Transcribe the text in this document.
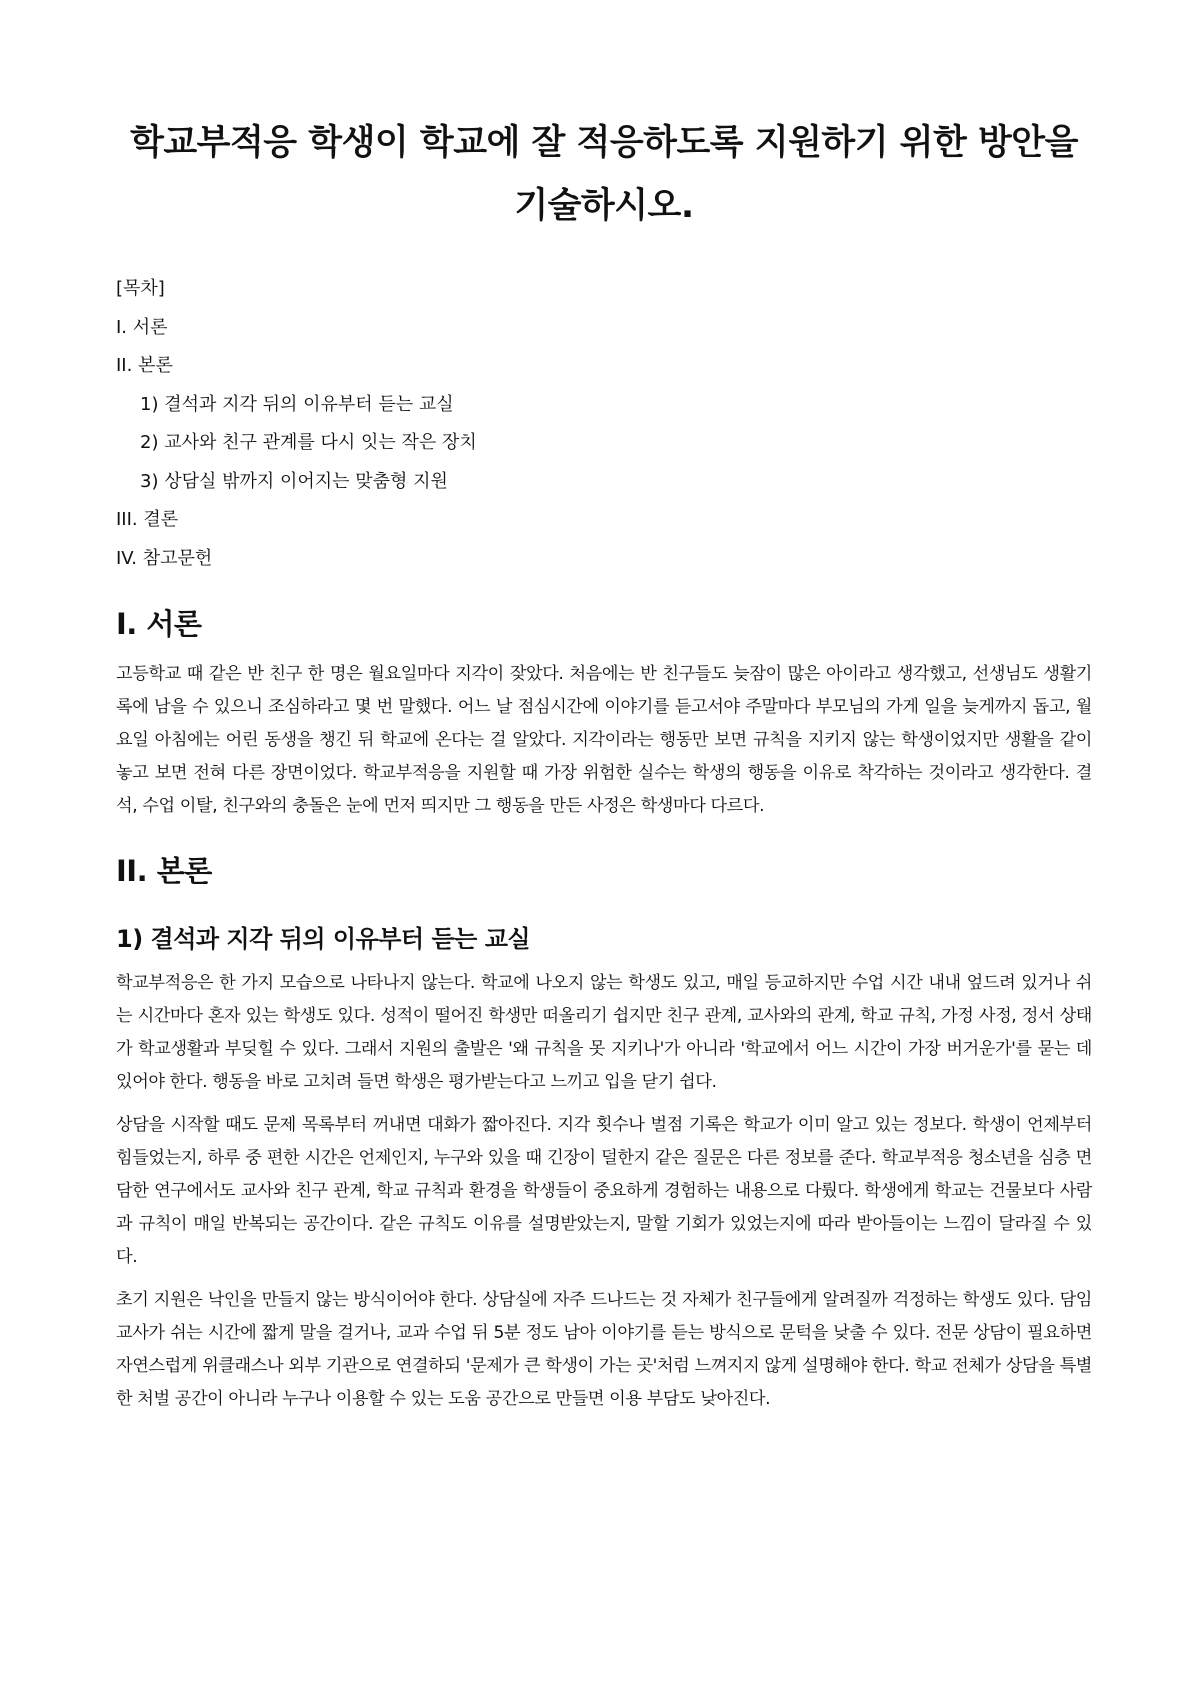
학교부적응 학생이 학교에 잘 적응하도록 지원하기 위한 방안을 기술하시오.
[목차]
I. 서론
II. 본론
1) 결석과 지각 뒤의 이유부터 듣는 교실
2) 교사와 친구 관계를 다시 잇는 작은 장치
3) 상담실 밖까지 이어지는 맞춤형 지원
III. 결론
IV. 참고문헌
I. 서론

고등학교 때 같은 반 친구 한 명은 월요일마다 지각이 잦았다. 처음에는 반 친구들도 늦잠이 많은 아이라고 생각했고, 선생님도 생활기록에 남을 수 있으니 조심하라고 몇 번 말했다. 어느 날 점심시간에 이야기를 듣고서야 주말마다 부모님의 가게 일을 늦게까지 돕고, 월요일 아침에는 어린 동생을 챙긴 뒤 학교에 온다는 걸 알았다. 지각이라는 행동만 보면 규칙을 지키지 않는 학생이었지만 생활을 같이 놓고 보면 전혀 다른 장면이었다. 학교부적응을 지원할 때 가장 위험한 실수는 학생의 행동을 이유로 착각하는 것이라고 생각한다. 결석, 수업 이탈, 친구와의 충돌은 눈에 먼저 띄지만 그 행동을 만든 사정은 학생마다 다르다.

II. 본론
1) 결석과 지각 뒤의 이유부터 듣는 교실

학교부적응은 한 가지 모습으로 나타나지 않는다. 학교에 나오지 않는 학생도 있고, 매일 등교하지만 수업 시간 내내 엎드려 있거나 쉬는 시간마다 혼자 있는 학생도 있다. 성적이 떨어진 학생만 떠올리기 쉽지만 친구 관계, 교사와의 관계, 학교 규칙, 가정 사정, 정서 상태가 학교생활과 부딪힐 수 있다. 그래서 지원의 출발은 '왜 규칙을 못 지키나'가 아니라 '학교에서 어느 시간이 가장 버거운가'를 묻는 데 있어야 한다. 행동을 바로 고치려 들면 학생은 평가받는다고 느끼고 입을 닫기 쉽다.

상담을 시작할 때도 문제 목록부터 꺼내면 대화가 짧아진다. 지각 횟수나 벌점 기록은 학교가 이미 알고 있는 정보다. 학생이 언제부터 힘들었는지, 하루 중 편한 시간은 언제인지, 누구와 있을 때 긴장이 덜한지 같은 질문은 다른 정보를 준다. 학교부적응 청소년을 심층 면담한 연구에서도 교사와 친구 관계, 학교 규칙과 환경을 학생들이 중요하게 경험하는 내용으로 다뤘다. 학생에게 학교는 건물보다 사람과 규칙이 매일 반복되는 공간이다. 같은 규칙도 이유를 설명받았는지, 말할 기회가 있었는지에 따라 받아들이는 느낌이 달라질 수 있다.

초기 지원은 낙인을 만들지 않는 방식이어야 한다. 상담실에 자주 드나드는 것 자체가 친구들에게 알려질까 걱정하는 학생도 있다. 담임교사가 쉬는 시간에 짧게 말을 걸거나, 교과 수업 뒤 5분 정도 남아 이야기를 듣는 방식으로 문턱을 낮출 수 있다. 전문 상담이 필요하면 자연스럽게 위클래스나 외부 기관으로 연결하되 '문제가 큰 학생이 가는 곳'처럼 느껴지지 않게 설명해야 한다. 학교 전체가 상담을 특별한 처벌 공간이 아니라 누구나 이용할 수 있는 도움 공간으로 만들면 이용 부담도 낮아진다.
